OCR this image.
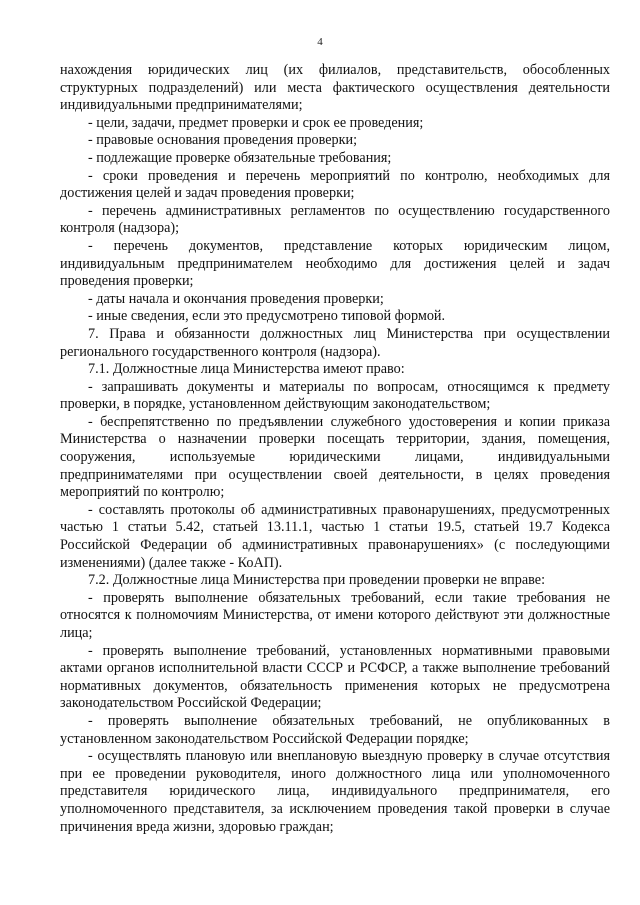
4

нахождения юридических лиц (их филиалов, представительств, обособленных структурных подразделений) или места фактического осуществления деятельности индивидуальными предпринимателями;

- цели, задачи, предмет проверки и срок ее проведения;

- правовые основания проведения проверки;

- подлежащие проверке обязательные требования;

- сроки проведения и перечень мероприятий по контролю, необходимых для достижения целей и задач проведения проверки;

- перечень административных регламентов по осуществлению государственного контроля (надзора);

- перечень документов, представление которых юридическим лицом, индивидуальным предпринимателем необходимо для достижения целей и задач проведения проверки;

- даты начала и окончания проведения проверки;

- иные сведения, если это предусмотрено типовой формой.

7. Права и обязанности должностных лиц Министерства при осуществлении регионального государственного контроля (надзора).

7.1. Должностные лица Министерства имеют право:

- запрашивать документы и материалы по вопросам, относящимся к предмету проверки, в порядке, установленном действующим законодательством;

- беспрепятственно по предъявлении служебного удостоверения и копии приказа Министерства о назначении проверки посещать территории, здания, помещения, сооружения, используемые юридическими лицами, индивидуальными предпринимателями при осуществлении своей деятельности, в целях проведения мероприятий по контролю;

- составлять протоколы об административных правонарушениях, предусмотренных частью 1 статьи 5.42, статьей 13.11.1, частью 1 статьи 19.5, статьей 19.7 Кодекса Российской Федерации об административных правонарушениях» (с последующими изменениями) (далее также - КоАП).

7.2. Должностные лица Министерства при проведении проверки не вправе:

- проверять выполнение обязательных требований, если такие требования не относятся к полномочиям Министерства, от имени которого действуют эти должностные лица;

- проверять выполнение требований, установленных нормативными правовыми актами органов исполнительной власти СССР и РСФСР, а также выполнение требований нормативных документов, обязательность применения которых не предусмотрена законодательством Российской Федерации;

- проверять выполнение обязательных требований, не опубликованных в установленном законодательством Российской Федерации порядке;

- осуществлять плановую или внеплановую выездную проверку в случае отсутствия при ее проведении руководителя, иного должностного лица или уполномоченного представителя юридического лица, индивидуального предпринимателя, его уполномоченного представителя, за исключением проведения такой проверки в случае причинения вреда жизни, здоровью граждан;
